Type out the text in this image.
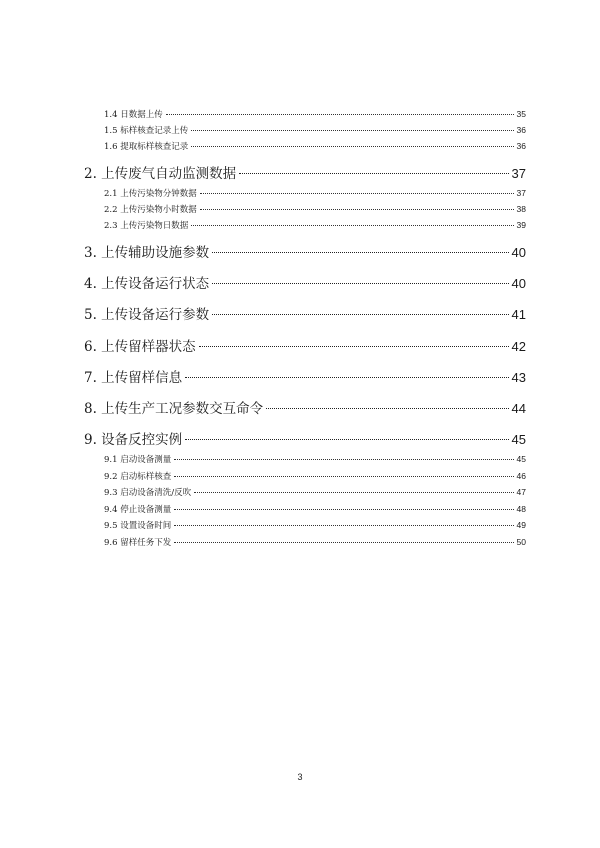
1.4 日数据上传	35
1.5 标样核查记录上传	36
1.6 提取标样核查记录	36
2. 上传废气自动监测数据	37
2.1 上传污染物分钟数据	37
2.2 上传污染物小时数据	38
2.3 上传污染物日数据	39
3. 上传辅助设施参数	40
4. 上传设备运行状态	40
5. 上传设备运行参数	41
6. 上传留样器状态	42
7. 上传留样信息	43
8. 上传生产工况参数交互命令	44
9. 设备反控实例	45
9.1 启动设备测量	45
9.2 启动标样核查	46
9.3 启动设备清洗/反吹	47
9.4 停止设备测量	48
9.5 设置设备时间	49
9.6 留样任务下发	50
3
